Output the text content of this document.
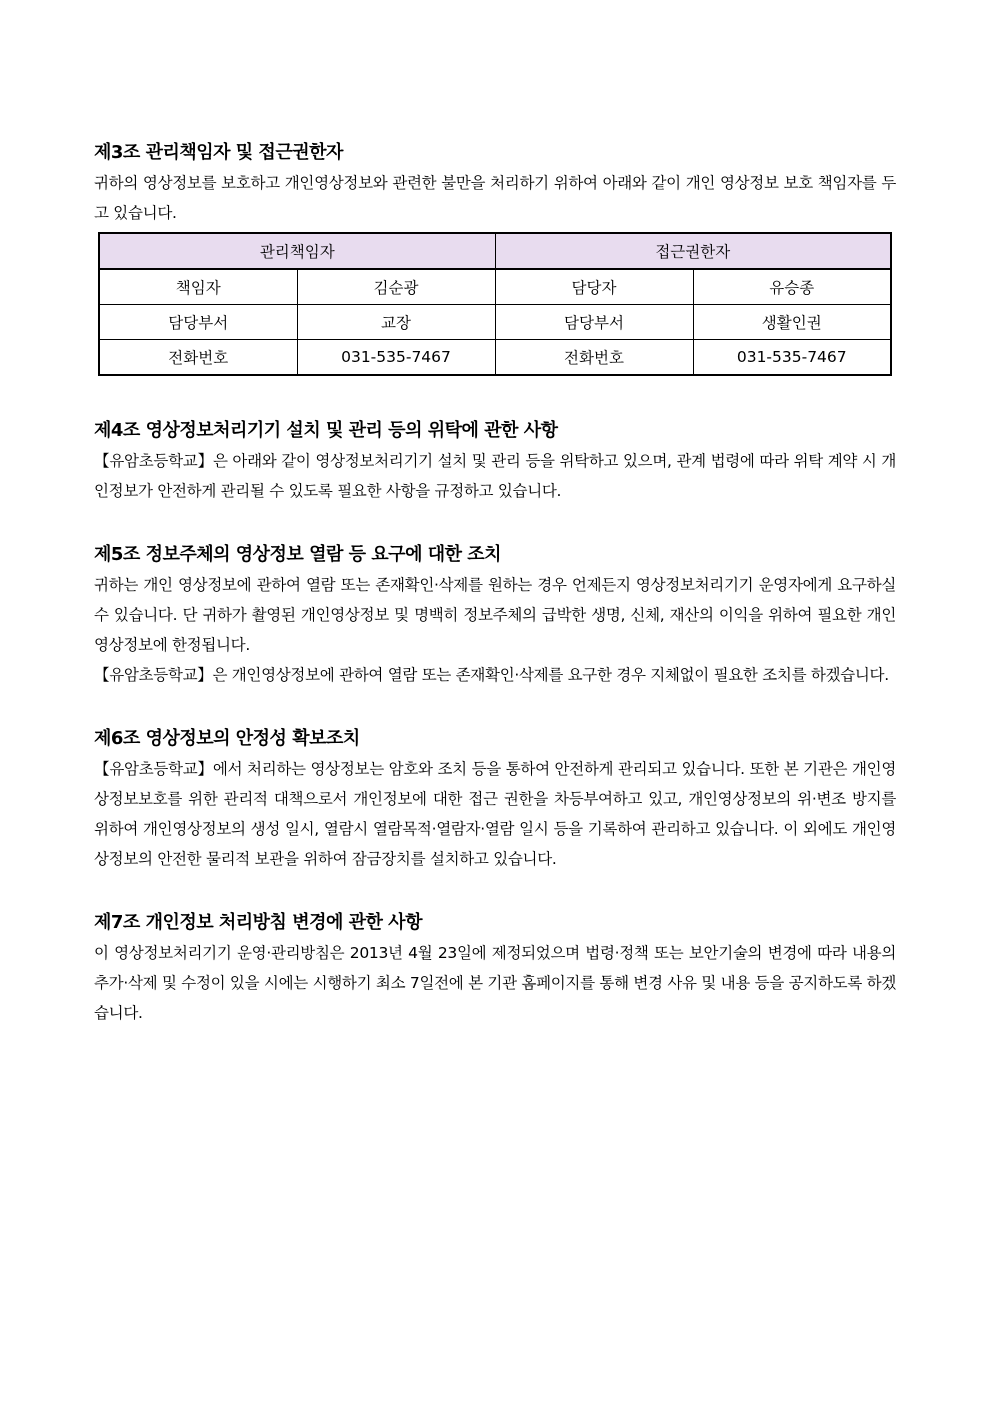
제3조 관리책임자 및 접근권한자

귀하의 영상정보를 보호하고 개인영상정보와 관련한 불만을 처리하기 위하여 아래와 같이 개인 영상정보 보호 책임자를 두고 있습니다.

관리책임자		접근권한자	
책임자	김순광	담당자	유승종
담당부서	교장	담당부서	생활인권
전화번호	031-535-7467	전화번호	031-535-7467
제4조 영상정보처리기기 설치 및 관리 등의 위탁에 관한 사항

【유암초등학교】은 아래와 같이 영상정보처리기기 설치 및 관리 등을 위탁하고 있으며, 관계 법령에 따라 위탁 계약 시 개인정보가 안전하게 관리될 수 있도록 필요한 사항을 규정하고 있습니다.

제5조 정보주체의 영상정보 열람 등 요구에 대한 조치

귀하는 개인 영상정보에 관하여 열람 또는 존재확인·삭제를 원하는 경우 언제든지 영상정보처리기기 운영자에게 요구하실 수 있습니다. 단 귀하가 촬영된 개인영상정보 및 명백히 정보주체의 급박한 생명, 신체, 재산의 이익을 위하여 필요한 개인영상정보에 한정됩니다.

【유암초등학교】은 개인영상정보에 관하여 열람 또는 존재확인·삭제를 요구한 경우 지체없이 필요한 조치를 하겠습니다.

제6조 영상정보의 안정성 확보조치

【유암초등학교】에서 처리하는 영상정보는 암호와 조치 등을 통하여 안전하게 관리되고 있습니다. 또한 본 기관은 개인영상정보보호를 위한 관리적 대책으로서 개인정보에 대한 접근 권한을 차등부여하고 있고, 개인영상정보의 위·변조 방지를 위하여 개인영상정보의 생성 일시, 열람시 열람목적·열람자·열람 일시 등을 기록하여 관리하고 있습니다. 이 외에도 개인영상정보의 안전한 물리적 보관을 위하여 잠금장치를 설치하고 있습니다.

제7조 개인정보 처리방침 변경에 관한 사항

이 영상정보처리기기 운영·관리방침은 2013년 4월 23일에 제정되었으며 법령·정책 또는 보안기술의 변경에 따라 내용의 추가·삭제 및 수정이 있을 시에는 시행하기 최소 7일전에 본 기관 홈페이지를 통해 변경 사유 및 내용 등을 공지하도록 하겠습니다.
